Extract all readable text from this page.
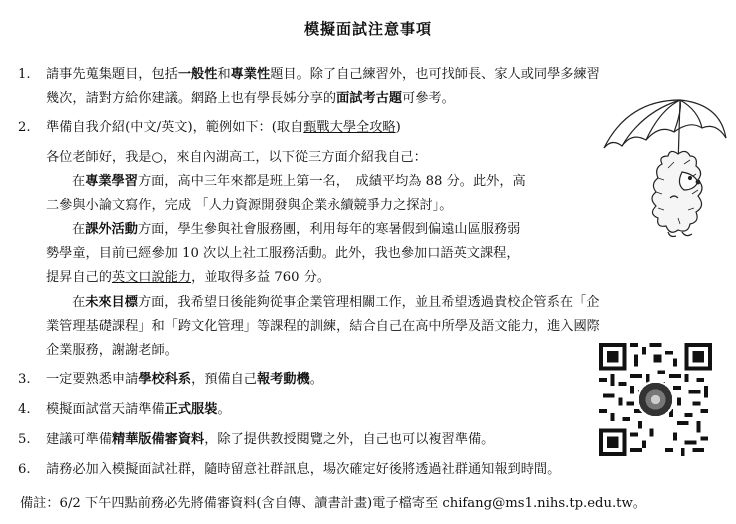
模擬面試注意事項
1. 請事先蒐集題目，包括一般性和專業性題目。除了自己練習外，也可找師長、家人或同學多練習
幾次，請對方給你建議。網路上也有學長姊分享的面試考古題可參考。
2. 準備自我介紹(中文/英文)，範例如下：(取自甄戰大學全攻略)
各位老師好，我是○，來自內湖高工，以下從三方面介紹我自己：
在專業學習方面，高中三年來都是班上第一名，　成績平均為 88 分。此外，高
二參與小論文寫作，完成 「人力資源開發與企業永續競爭力之探討」。
在課外活動方面，學生參與社會服務團，利用每年的寒暑假到偏遠山區服務弱
勢學童，目前已經參加 10 次以上社工服務活動。此外，我也參加口語英文課程，
提昇自己的英文口說能力，並取得多益 760 分。
在未來目標方面，我希望日後能夠從事企業管理相關工作，並且希望透過貴校企管系在「企
業管理基礎課程」和「跨文化管理」等課程的訓練，結合自己在高中所學及語文能力，進入國際
企業服務，謝謝老師。
3. 一定要熟悉申請學校科系，預備自己報考動機。
4. 模擬面試當天請準備正式服裝。
5. 建議可準備精華版備審資料，除了提供教授閱覽之外，自己也可以複習準備。
6. 請務必加入模擬面試社群，隨時留意社群訊息，場次確定好後將透過社群通知報到時間。
備註：6/2 下午四點前務必先將備審資料(含自傳、讀書計畫)電子檔寄至 chifang@ms1.nihs.tp.edu.tw。
